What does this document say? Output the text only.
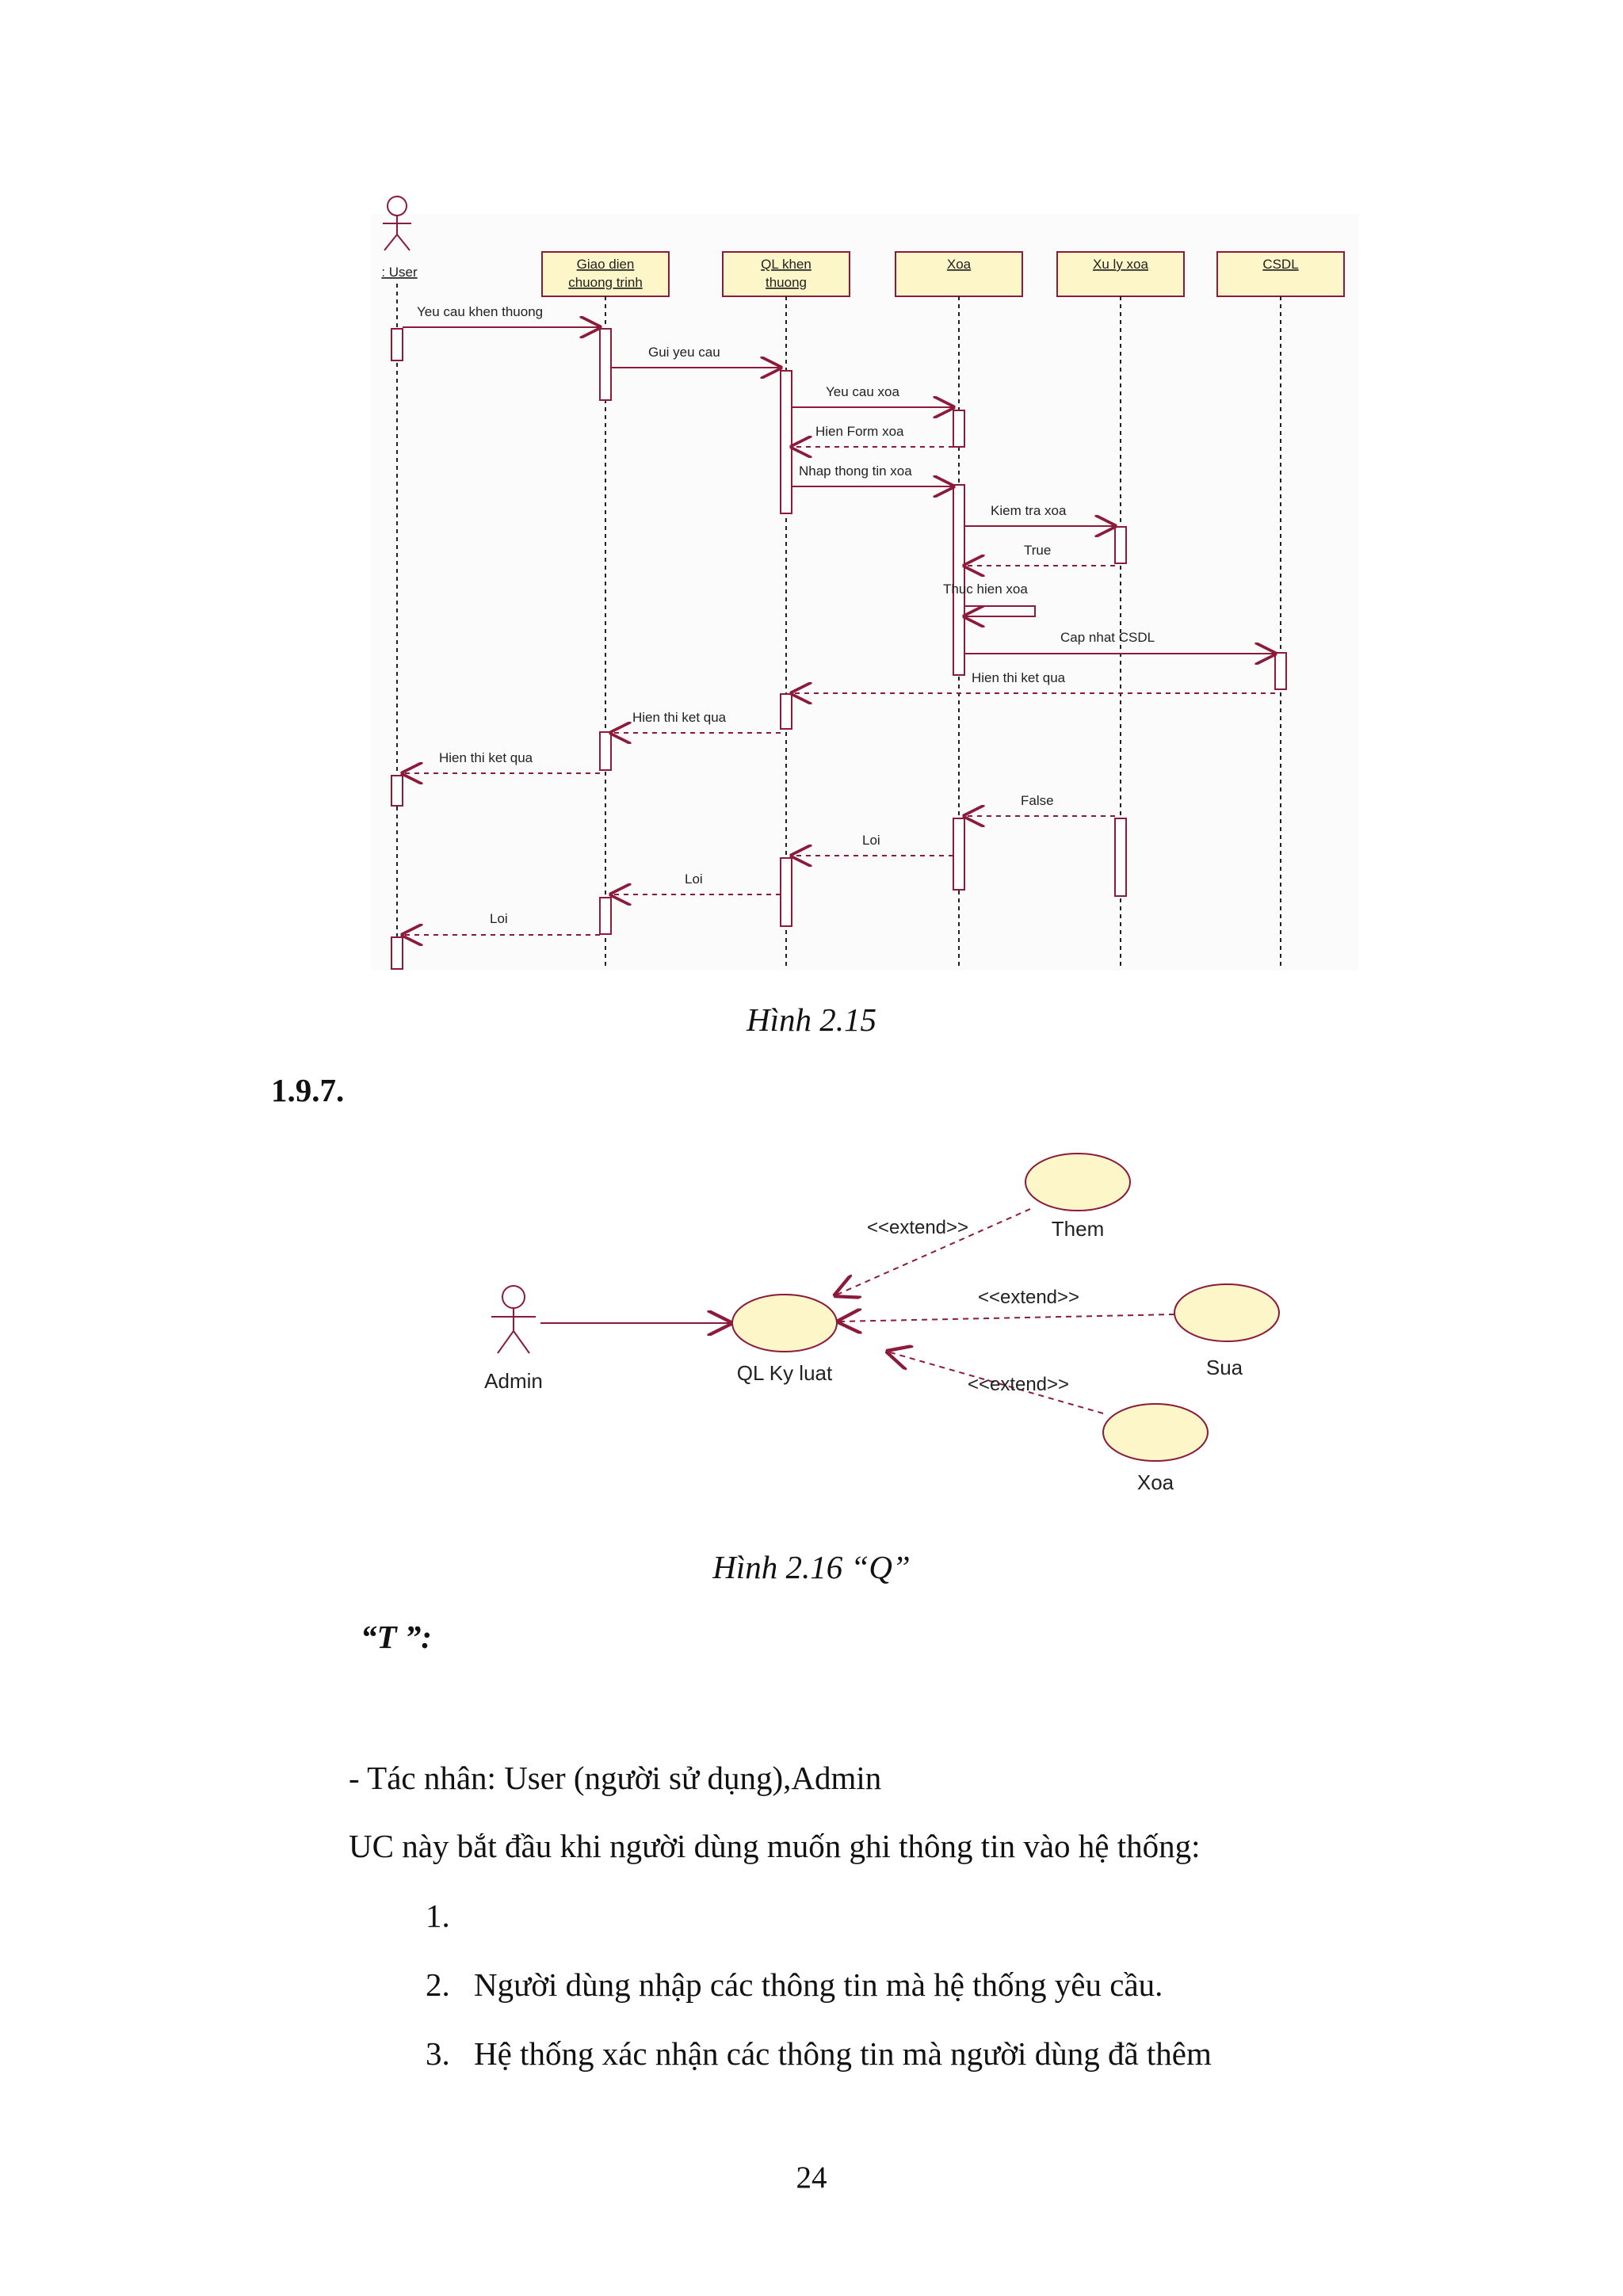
: User
Giao dien
chuong trinh
QL khen
thuong
Xoa	Xu ly xoa	CSDL
Yeu cau khen thuong
Gui yeu cau
Yeu cau xoa
Hien Form xoa
Nhap thong tin xoa
Kiem tra xoa
True
Thuc hien xoa
Cap nhat CSDL
Hien thi ket qua
Hien thi ket qua
Hien thi ket qua
False
Loi
Loi
Loi
Hình 2.15
1.9.7.
Admin	QL Ky luat
Them
Sua
Xoa
<<extend>>
<<extend>>
<<extend>>
Hình 2.16 “Q”
“T ”:
- Tác nhân: User (người sử dụng),Admin
UC này bắt đầu khi người dùng muốn ghi thông tin vào hệ thống:
1.
2. Người dùng nhập các thông tin mà hệ thống yêu cầu.
3. Hệ thống xác nhận các thông tin mà người dùng đã thêm
24
